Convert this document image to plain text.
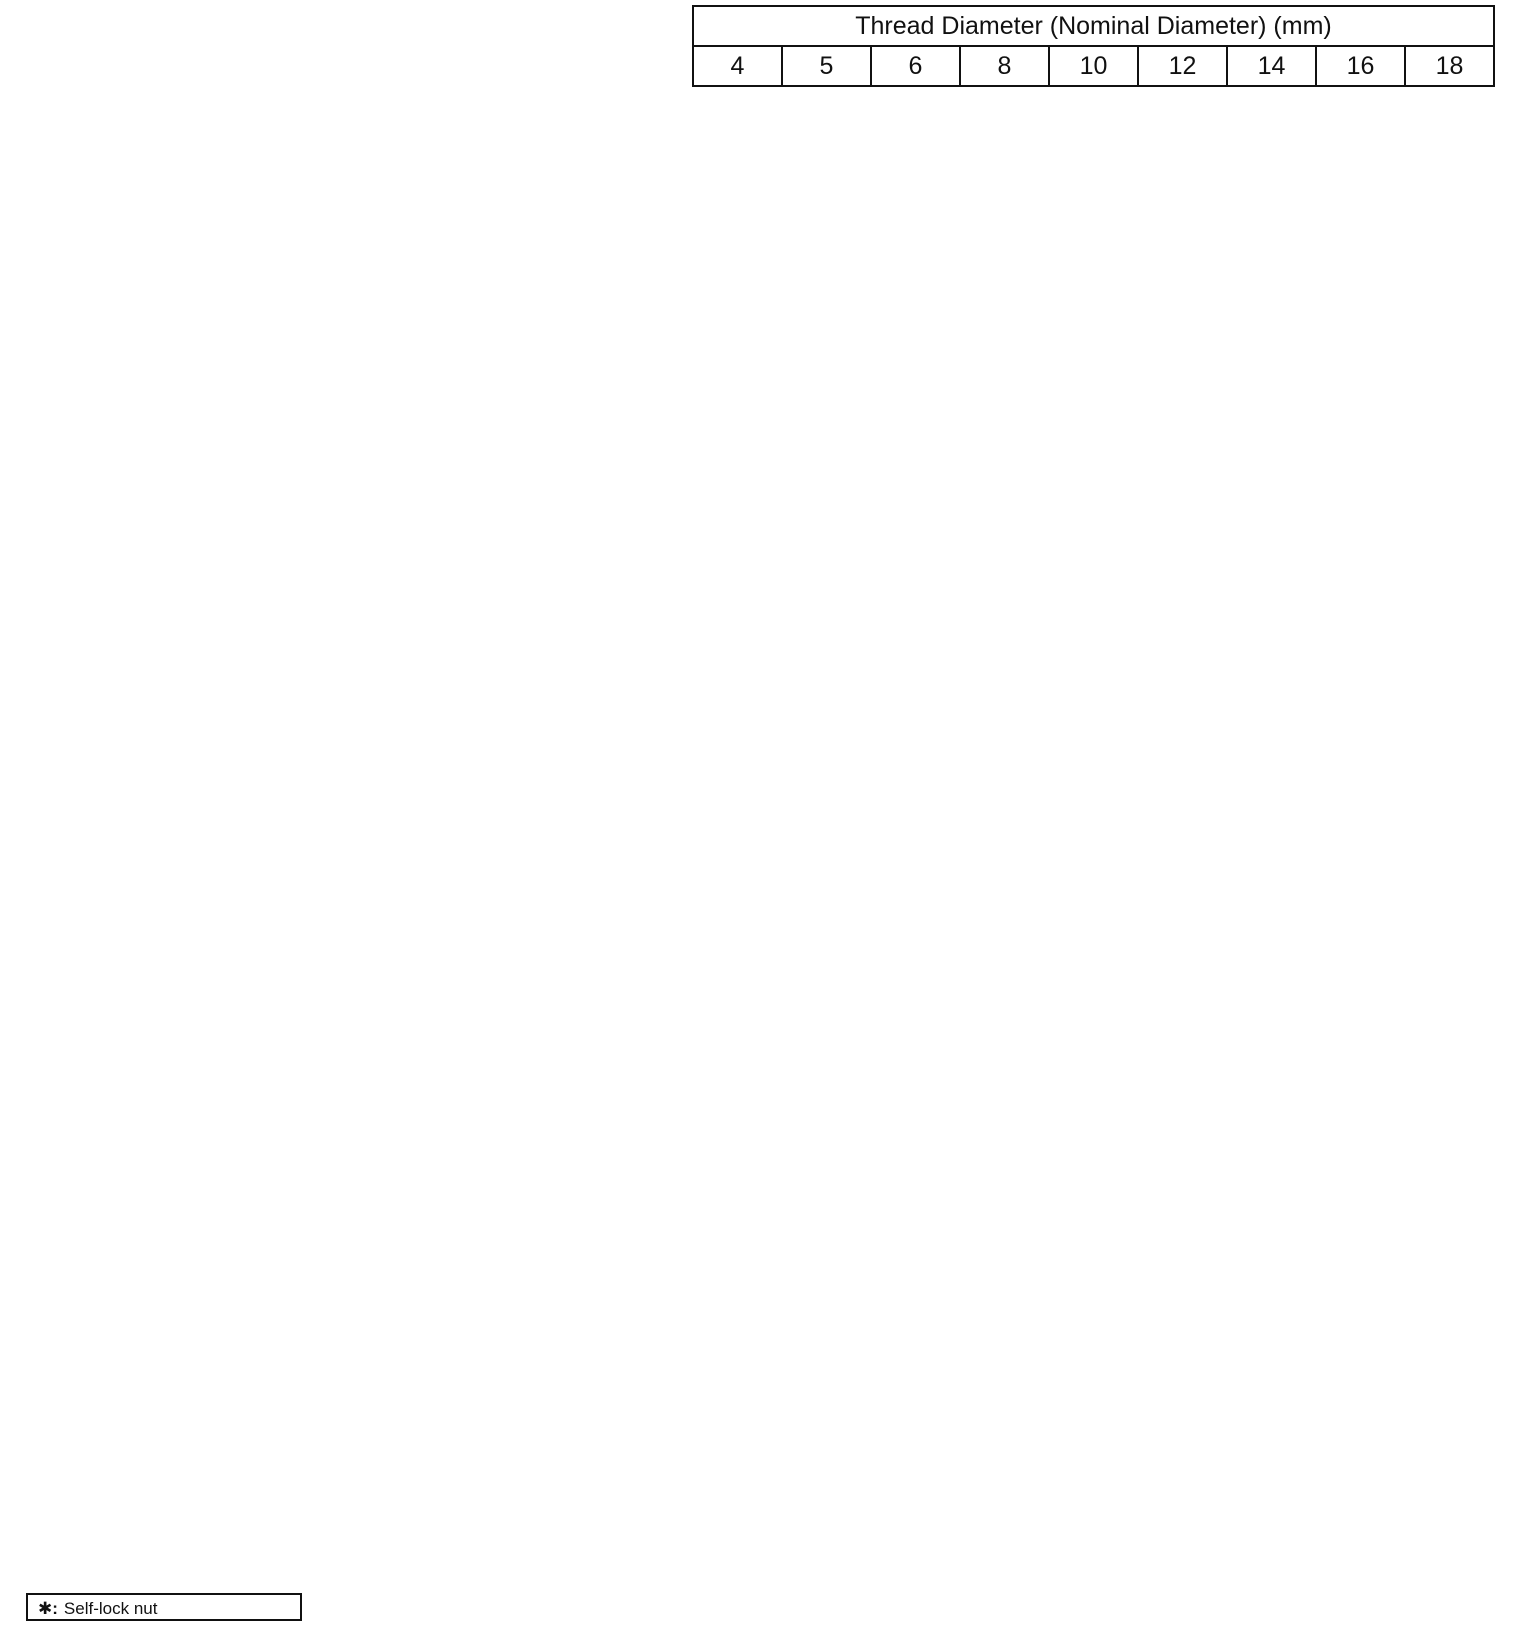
	Thread Diameter (Nominal Diameter) (mm)								
	4	5	6	8	10	12	14	16	18
✱: Self-lock nut
